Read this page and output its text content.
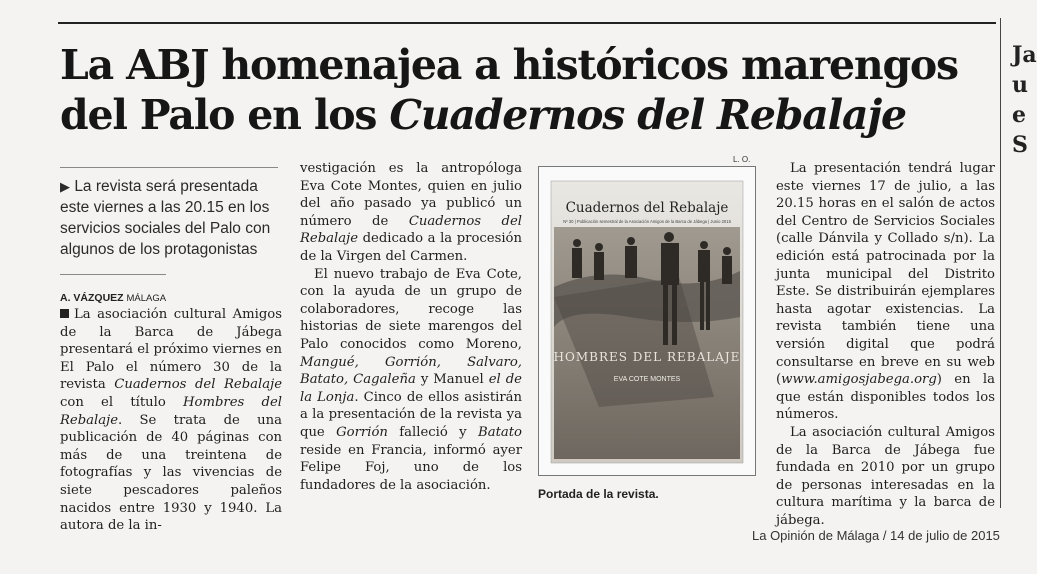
La ABJ homenajea a históricos marengos
del Palo en los Cuadernos del Rebalaje
▶ La revista será presentada este viernes a las 20.15 en los servicios sociales del Palo con algunos de los protagonistas
A. VÁZQUEZ MÁLAGA

La asociación cultural Amigos de la Barca de Jábega presentará el próximo viernes en El Palo el número 30 de la revista Cuadernos del Rebalaje con el título Hombres del Rebalaje. Se trata de una publicación de 40 páginas con más de una treintena de fotografías y las vivencias de siete pescadores paleños nacidos entre 1930 y 1940. La autora de la in-

vestigación es la antropóloga Eva Cote Montes, quien en julio del año pasado ya publicó un número de Cuadernos del Rebalaje dedicado a la procesión de la Virgen del Carmen.

El nuevo trabajo de Eva Cote, con la ayuda de un grupo de colaboradores, recoge las historias de siete marengos del Palo conocidos como Moreno, Mangué, Gorrión, Salvaro, Batato, Cagaleña y Manuel el de la Lonja. Cinco de ellos asistirán a la presentación de la revista ya que Gorrión falleció y Batato reside en Francia, informó ayer Felipe Foj, uno de los fundadores de la asociación.

L. O.
Cuadernos del Rebalaje
Nº 30 | Publicación semestral de la Asociación Amigos de la Barca de Jábega | Junio 2015
HOMBRES DEL REBALAJE
EVA COTE MONTES
Portada de la revista.

La presentación tendrá lugar este viernes 17 de julio, a las 20.15 horas en el salón de actos del Centro de Servicios Sociales (calle Dánvila y Collado s/n). La edición está patrocinada por la junta municipal del Distrito Este. Se distribuirán ejemplares hasta agotar existencias. La revista también tiene una versión digital que podrá consultarse en breve en su web (www.amigosjabega.org) en la que están disponibles todos los números.

La asociación cultural Amigos de la Barca de Jábega fue fundada en 2010 por un grupo de personas interesadas en la cultura marítima y la barca de jábega.

La Opinión de Málaga / 14 de julio de 2015
Ja
u
e
S
